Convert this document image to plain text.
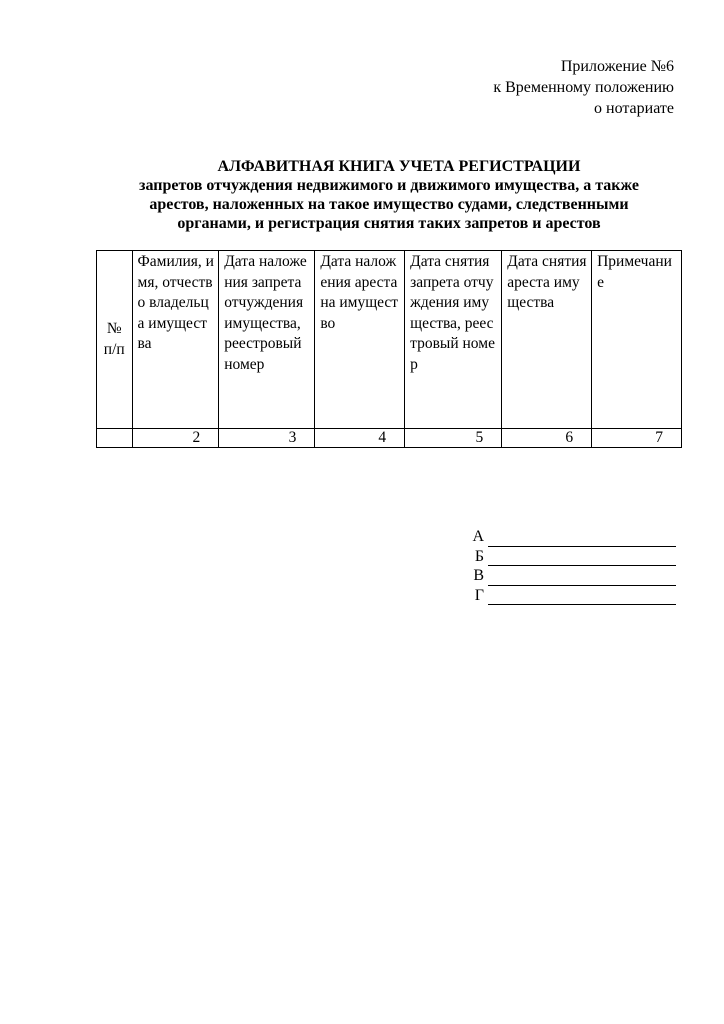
Приложение №6
к Временному положению
о нотариате
АЛФАВИТНАЯ КНИГА УЧЕТА РЕГИСТРАЦИИ
запретов отчуждения недвижимого и движимого имущества, а также
арестов, наложенных на такое имущество судами, следственными
органами, и регистрация снятия таких запретов и арестов
№ п/п	Фамилия, имя, отчество владельца имущества	Дата наложения запрета отчуждения имущества, реестровый номер	Дата наложения ареста на имущество	Дата снятия запрета отчуждения имущества, реестровый номер	Дата снятия ареста имущества	Примечание
	2	3	4	5	6	7
А
Б
В
Г
